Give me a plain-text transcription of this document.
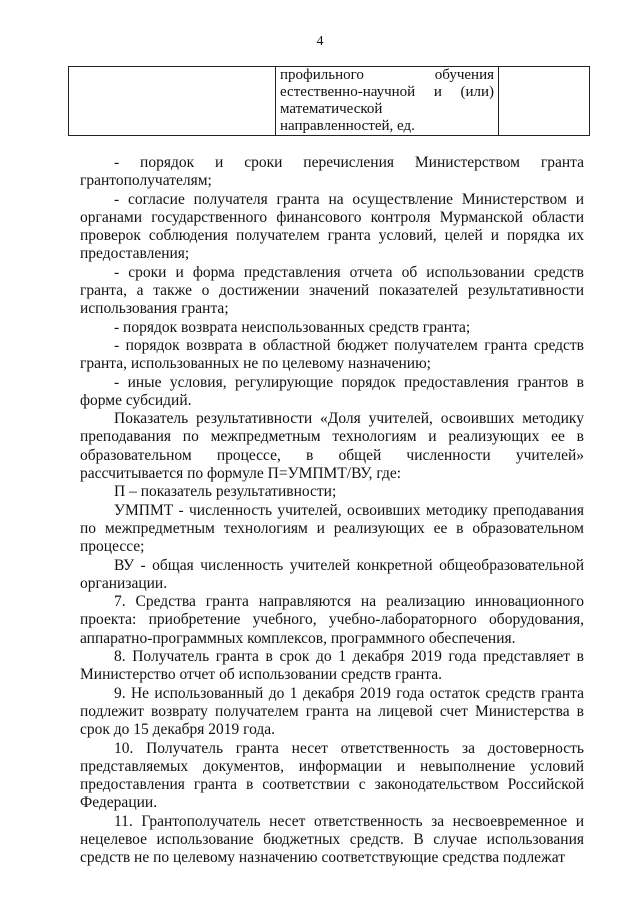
4
	профильного обучения естественно-научной и (или) математической направленностей, ед.	

- порядок и сроки перечисления Министерством гранта грантополучателям;

- согласие получателя гранта на осуществление Министерством и органами государственного финансового контроля Мурманской области проверок соблюдения получателем гранта условий, целей и порядка их предоставления;

- сроки и форма представления отчета об использовании средств гранта, а также о достижении значений показателей результативности использования гранта;

- порядок возврата неиспользованных средств гранта;

- порядок возврата в областной бюджет получателем гранта средств гранта, использованных не по целевому назначению;

- иные условия, регулирующие порядок предоставления грантов в форме субсидий.

Показатель результативности «Доля учителей, освоивших методику преподавания по межпредметным технологиям и реализующих ее в образовательном процессе, в общей численности учителей» рассчитывается по формуле П=УМПМТ/ВУ, где:

П – показатель результативности;

УМПМТ - численность учителей, освоивших методику преподавания по межпредметным технологиям и реализующих ее в образовательном процессе;

ВУ - общая численность учителей конкретной общеобразовательной организации.

7. Средства гранта направляются на реализацию инновационного проекта: приобретение учебного, учебно-лабораторного оборудования, аппаратно-программных комплексов, программного обеспечения.

8. Получатель гранта в срок до 1 декабря 2019 года представляет в Министерство отчет об использовании средств гранта.

9. Не использованный до 1 декабря 2019 года остаток средств гранта подлежит возврату получателем гранта на лицевой счет Министерства в срок до 15 декабря 2019 года.

10. Получатель гранта несет ответственность за достоверность представляемых документов, информации и невыполнение условий предоставления гранта в соответствии с законодательством Российской Федерации.

11. Грантополучатель несет ответственность за несвоевременное и нецелевое использование бюджетных средств. В случае использования средств не по целевому назначению соответствующие средства подлежат
